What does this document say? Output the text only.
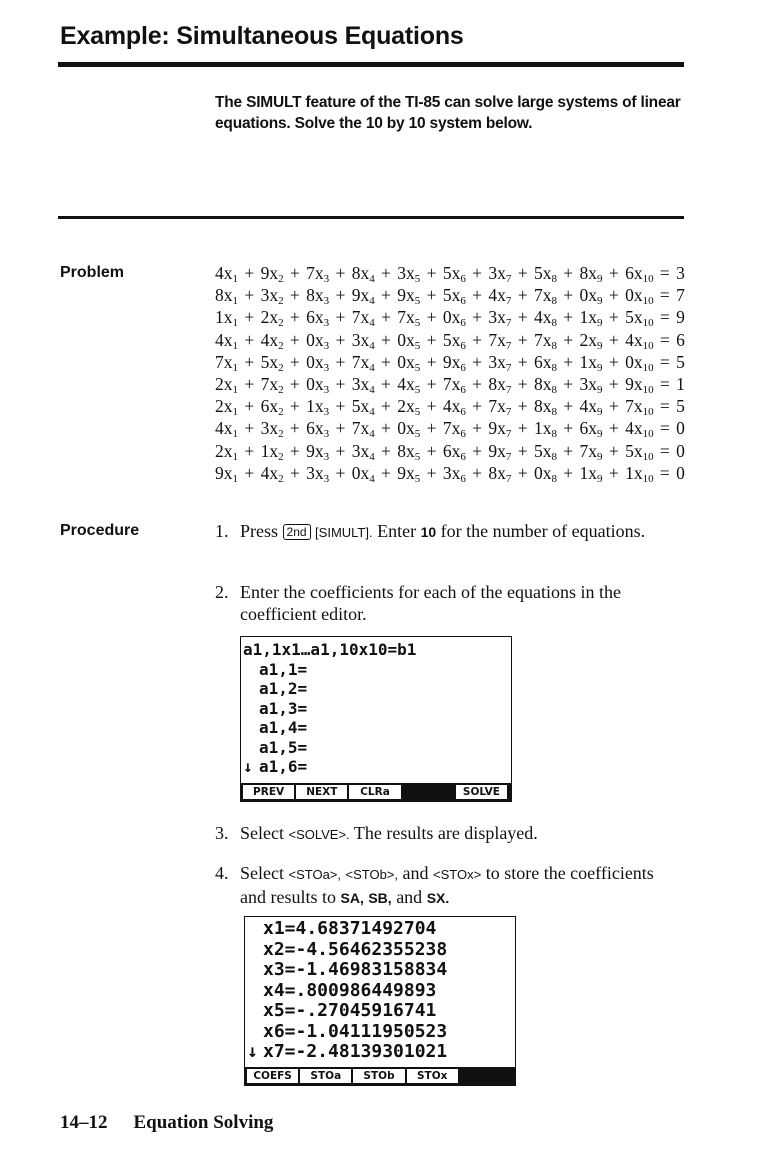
Example: Simultaneous Equations
The SIMULT feature of the TI-85 can solve large systems of linear equations. Solve the 10 by 10 system below.
Problem	$4x_1 + 9x_2 + 7x_3 + 8x_4 + 3x_5 + 5x_6 + 3x_7 + 5x_8 + 8x_9 + 6x_{10} = 3$
$8x_1 + 3x_2 + 8x_3 + 9x_4 + 9x_5 + 5x_6 + 4x_7 + 7x_8 + 0x_9 + 0x_{10} = 7$
$1x_1 + 2x_2 + 6x_3 + 7x_4 + 7x_5 + 0x_6 + 3x_7 + 4x_8 + 1x_9 + 5x_{10} = 9$
$4x_1 + 4x_2 + 0x_3 + 3x_4 + 0x_5 + 5x_6 + 7x_7 + 7x_8 + 2x_9 + 4x_{10} = 6$
$7x_1 + 5x_2 + 0x_3 + 7x_4 + 0x_5 + 9x_6 + 3x_7 + 6x_8 + 1x_9 + 0x_{10} = 5$
$2x_1 + 7x_2 + 0x_3 + 3x_4 + 4x_5 + 7x_6 + 8x_7 + 8x_8 + 3x_9 + 9x_{10} = 1$
$2x_1 + 6x_2 + 1x_3 + 5x_4 + 2x_5 + 4x_6 + 7x_7 + 8x_8 + 4x_9 + 7x_{10} = 5$
$4x_1 + 3x_2 + 6x_3 + 7x_4 + 0x_5 + 7x_6 + 9x_7 + 1x_8 + 6x_9 + 4x_{10} = 0$
$2x_1 + 1x_2 + 9x_3 + 3x_4 + 8x_5 + 6x_6 + 9x_7 + 5x_8 + 7x_9 + 5x_{10} = 0$
$9x_1 + 4x_2 + 3x_3 + 0x_4 + 9x_5 + 3x_6 + 8x_7 + 0x_8 + 1x_9 + 1x_{10} = 0$
Procedure	1. Press 2nd [SIMULT]. Enter 10 for the number of equations.
2. Enter the coefficients for each of the equations in the coefficient editor.
a1,1x1…a1,10x10=b1
a1,1=
a1,2=
a1,3=
a1,4=
a1,5=
↓ a1,6=
PREV	NEXT	CLRa	SOLVE
3. Select <SOLVE>. The results are displayed.
4. Select <STOa>, <STOb>, and <STOx> to store the coefficients and results to SA, SB, and SX.
x1=4.68371492704
x2=-4.56462355238
x3=-1.46983158834
x4=.800986449893
x5=-.27045916741
x6=-1.04111950523
↓ x7=-2.48139301021
COEFS	STOa	STOb	STOx
14–12 Equation Solving
